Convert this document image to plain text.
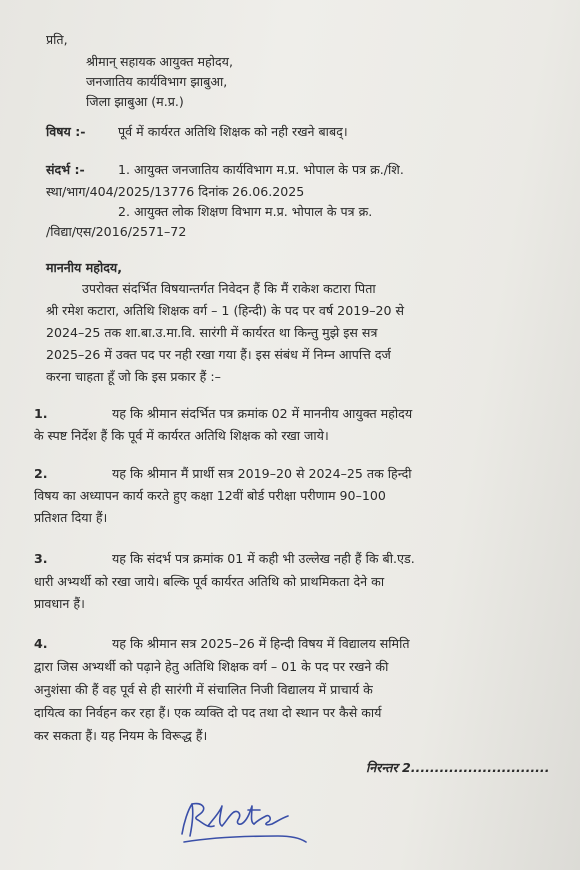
प्रति,
श्रीमान् सहायक आयुक्त महोदय,
जनजातिय कार्यविभाग झाबुआ,
जिला झाबुआ (म.प्र.)
विषय :-	पूर्व में कार्यरत अतिथि शिक्षक को नही रखने बाबद्।
संदर्भ :-	1. आयुक्त जनजातिय कार्यविभाग म.प्र. भोपाल के पत्र क्र./शि.
स्था/भाग/404/2025/13776 दिनांक 26.06.2025
2. आयुक्त लोक शिक्षण विभाग म.प्र. भोपाल के पत्र क्र.
/विद्या/एस/2016/2571–72
माननीय महोदय,
उपरोक्त संदर्भित विषयान्तर्गत निवेदन हैं कि मैं राकेश कटारा पिता
श्री रमेश कटारा, अतिथि शिक्षक वर्ग – 1 (हिन्दी) के पद पर वर्ष 2019–20 से
2024–25 तक शा.बा.उ.मा.वि. सारंगी में कार्यरत था किन्तु मुझे इस सत्र
2025–26 में उक्त पद पर नही रखा गया हैं। इस संबंध में निम्न आपत्ति दर्ज
करना चाहता हूँ जो कि इस प्रकार हैं :–
1.	यह कि श्रीमान संदर्भित पत्र क्रमांक 02 में माननीय आयुक्त महोदय
के स्पष्ट निर्देश हैं कि पूर्व में कार्यरत अतिथि शिक्षक को रखा जाये।
2.	यह कि श्रीमान मैं प्रार्थी सत्र 2019–20 से 2024–25 तक हिन्दी
विषय का अध्यापन कार्य करते हुए कक्षा 12वीं बोर्ड परीक्षा परीणाम 90–100
प्रतिशत दिया हैं।
3.	यह कि संदर्भ पत्र क्रमांक 01 में कही भी उल्लेख नही हैं कि बी.एड.
धारी अभ्यर्थी को रखा जाये। बल्कि पूर्व कार्यरत अतिथि को प्राथमिकता देने का
प्रावधान हैं।
4.	यह कि श्रीमान सत्र 2025–26 में हिन्दी विषय में विद्यालय समिति
द्वारा जिस अभ्यर्थी को पढ़ाने हेतु अतिथि शिक्षक वर्ग – 01 के पद पर रखने की
अनुशंसा की हैं वह पूर्व से ही सारंगी में संचालित निजी विद्यालय में प्राचार्य के
दायित्व का निर्वहन कर रहा हैं। एक व्यक्ति दो पद तथा दो स्थान पर कैसे कार्य
कर सकता हैं। यह नियम के विरूद्ध हैं।
निरन्तर 2.............................
